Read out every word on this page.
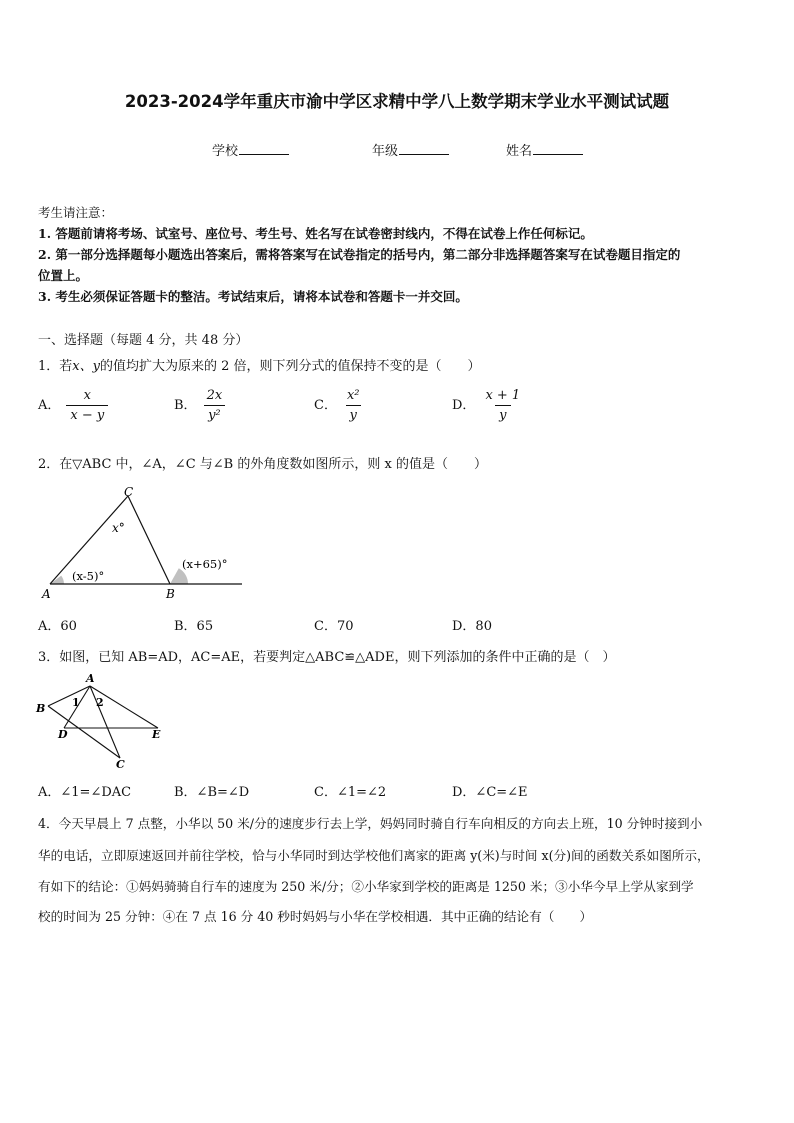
2023-2024学年重庆市渝中学区求精中学八上数学期末学业水平测试试题
学校	年级	姓名
考生请注意：
1. 答题前请将考场、试室号、座位号、考生号、姓名写在试卷密封线内，不得在试卷上作任何标记。
2. 第一部分选择题每小题选出答案后，需将答案写在试卷指定的括号内，第二部分非选择题答案写在试卷题目指定的
位置上。
3. 考生必须保证答题卡的整洁。考试结束后，请将本试卷和答题卡一并交回。
一、选择题（每题 4 分，共 48 分）
1．若x、y的值均扩大为原来的 2 倍，则下列分式的值保持不变的是（　　）
A． $\frac{x}{x - y}$	B． $\frac{2x}{\text{y²}}$	C． $\frac{\text{x²}}{y}$	D． $\frac{x + 1}{y}$
2．在▽ABC 中，∠A，∠C 与∠B 的外角度数如图所示，则 x 的值是（　　）
C
A	B
x°
(x-5)°
(x+65)°
A．60	B．65	C．70	D．80
3．如图，已知 AB=AD，AC=AE，若要判定△ABC≌△ADE，则下列添加的条件中正确的是（　）
A
B
C
D	E
1 2
A．∠1=∠DAC	B．∠B=∠D	C．∠1=∠2	D．∠C=∠E
4．今天早晨上 7 点整，小华以 50 米/分的速度步行去上学，妈妈同时骑自行车向相反的方向去上班，10 分钟时接到小
华的电话，立即原速返回并前往学校，恰与小华同时到达学校他们离家的距离 y(米)与时间 x(分)间的函数关系如图所示，
有如下的结论：①妈妈骑骑自行车的速度为 250 米/分；②小华家到学校的距离是 1250 米；③小华今早上学从家到学
校的时间为 25 分钟：④在 7 点 16 分 40 秒时妈妈与小华在学校相遇．其中正确的结论有（　　）
